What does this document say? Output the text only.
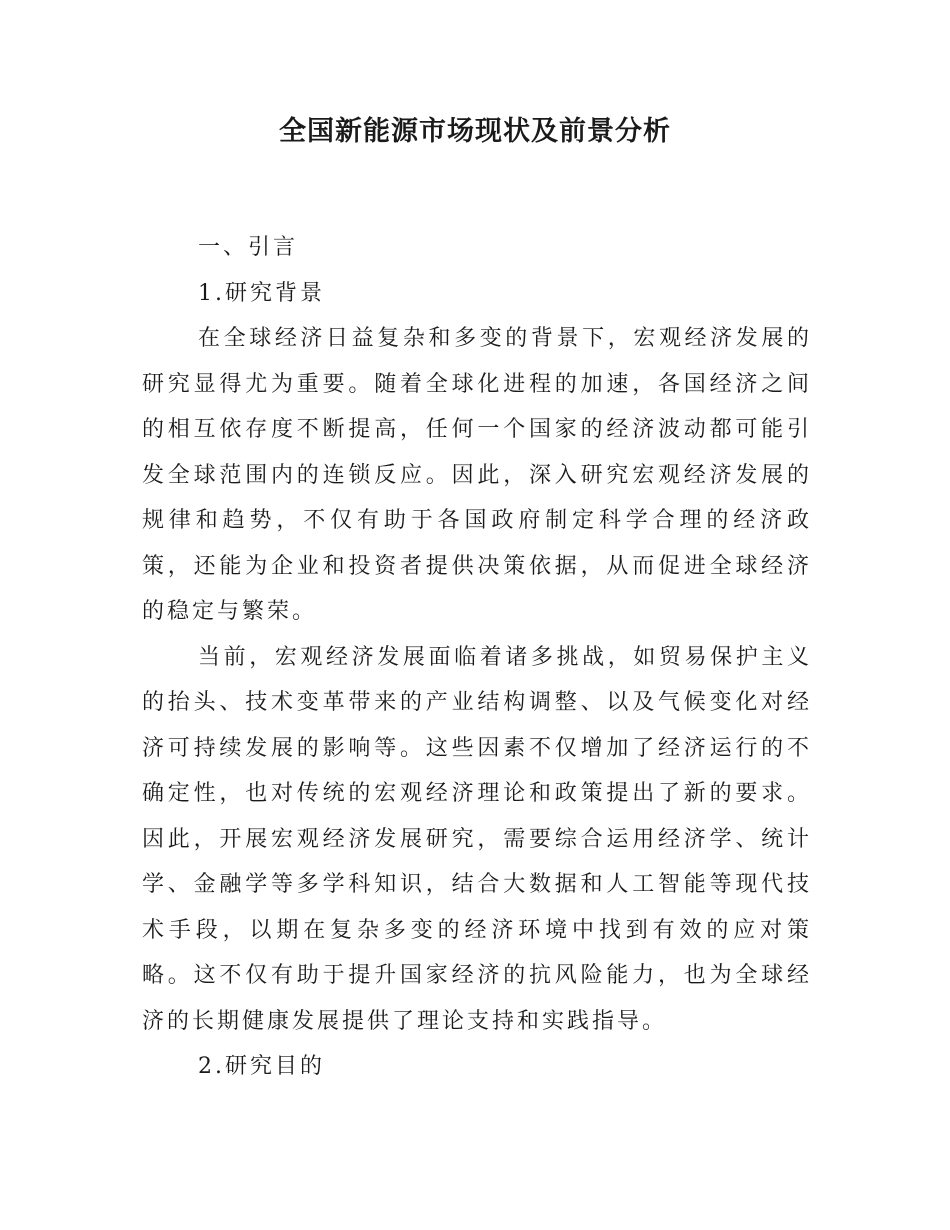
全国新能源市场现状及前景分析

一、引言

1.研究背景

在全球经济日益复杂和多变的背景下，宏观经济发展的研究显得尤为重要。随着全球化进程的加速，各国经济之间的相互依存度不断提高，任何一个国家的经济波动都可能引发全球范围内的连锁反应。因此，深入研究宏观经济发展的规律和趋势，不仅有助于各国政府制定科学合理的经济政策，还能为企业和投资者提供决策依据，从而促进全球经济的稳定与繁荣。

当前，宏观经济发展面临着诸多挑战，如贸易保护主义的抬头、技术变革带来的产业结构调整、以及气候变化对经济可持续发展的影响等。这些因素不仅增加了经济运行的不确定性，也对传统的宏观经济理论和政策提出了新的要求。因此，开展宏观经济发展研究，需要综合运用经济学、统计学、金融学等多学科知识，结合大数据和人工智能等现代技术手段，以期在复杂多变的经济环境中找到有效的应对策略。这不仅有助于提升国家经济的抗风险能力，也为全球经济的长期健康发展提供了理论支持和实践指导。

2.研究目的
